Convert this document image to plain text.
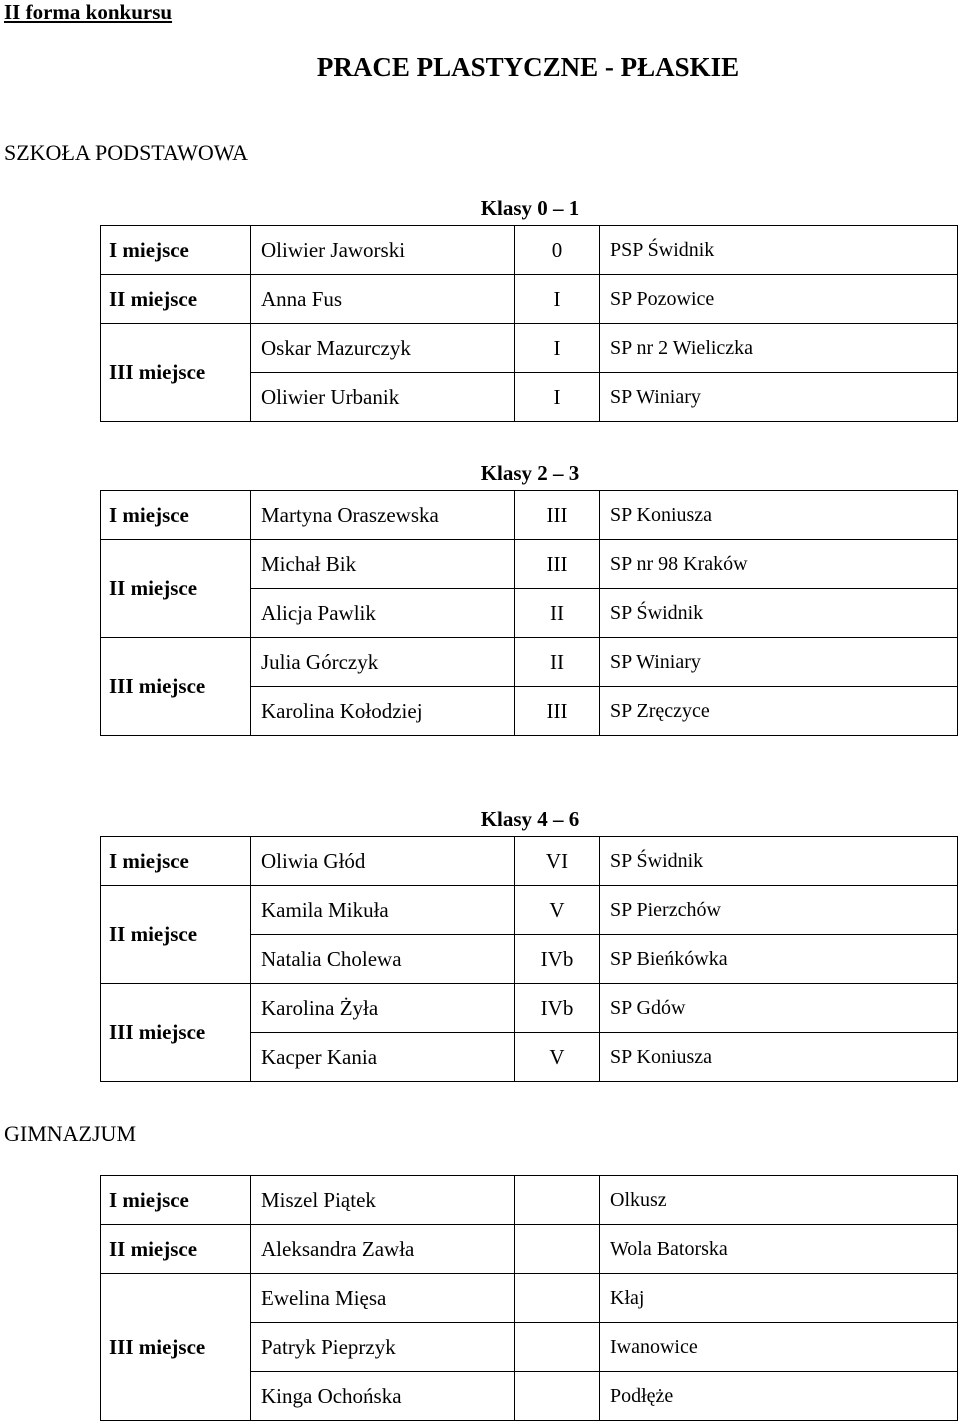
II forma konkursu
PRACE PLASTYCZNE - PŁASKIE
SZKOŁA PODSTAWOWA
Klasy 0 – 1
I miejsce	Oliwier Jaworski	0	PSP Świdnik
II miejsce	Anna Fus	I	SP Pozowice
III miejsce	Oskar Mazurczyk	I	SP nr 2 Wieliczka
	Oliwier Urbanik	I	SP Winiary
Klasy 2 – 3
I miejsce	Martyna Oraszewska	III	SP Koniusza
II miejsce	Michał Bik	III	SP nr 98 Kraków
	Alicja Pawlik	II	SP Świdnik
III miejsce	Julia Górczyk	II	SP Winiary
	Karolina Kołodziej	III	SP Zręczyce
Klasy 4 – 6
I miejsce	Oliwia Głód	VI	SP Świdnik
II miejsce	Kamila Mikuła	V	SP Pierzchów
	Natalia Cholewa	IVb	SP Bieńkówka
III miejsce	Karolina Żyła	IVb	SP Gdów
	Kacper Kania	V	SP Koniusza
GIMNAZJUM
I miejsce	Miszel Piątek		Olkusz
II miejsce	Aleksandra Zawła		Wola Batorska
III miejsce	Ewelina Mięsa		Kłaj
	Patryk Pieprzyk		Iwanowice
	Kinga Ochońska		Podłęże
